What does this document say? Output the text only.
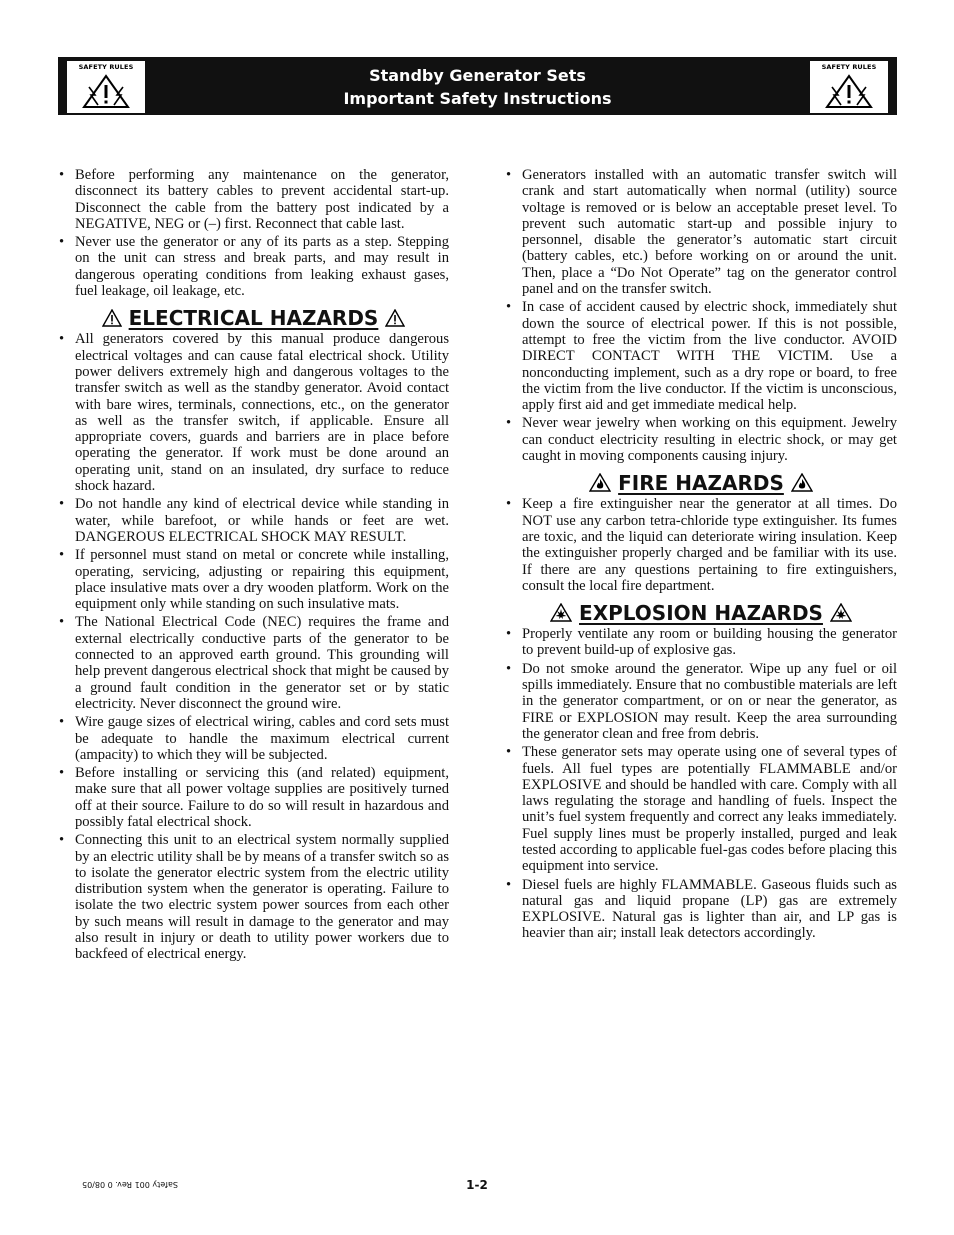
SAFETY RULES	Standby Generator Sets
Important Safety Instructions
SAFETY RULES
• Before performing any maintenance on the generator, disconnect its battery cables to prevent accidental start-up. Disconnect the cable from the battery post indicated by a NEGATIVE, NEG or (–) first. Reconnect that cable last.
• Never use the generator or any of its parts as a step. Stepping on the unit can stress and break parts, and may result in dangerous operating conditions from leaking exhaust gases, fuel leakage, oil leakage, etc.
ELECTRICAL HAZARDS
• All generators covered by this manual produce dangerous electrical voltages and can cause fatal electrical shock. Utility power delivers extremely high and dangerous voltages to the transfer switch as well as the standby generator. Avoid contact with bare wires, terminals, connections, etc., on the generator as well as the transfer switch, if applicable. Ensure all appropriate covers, guards and barriers are in place before operating the generator. If work must be done around an operating unit, stand on an insulated, dry surface to reduce shock hazard.
• Do not handle any kind of electrical device while standing in water, while barefoot, or while hands or feet are wet. DANGEROUS ELECTRICAL SHOCK MAY RESULT.
• If personnel must stand on metal or concrete while installing, operating, servicing, adjusting or repairing this equipment, place insulative mats over a dry wooden platform. Work on the equipment only while standing on such insulative mats.
• The National Electrical Code (NEC) requires the frame and external electrically conductive parts of the generator to be connected to an approved earth ground. This grounding will help prevent dangerous electrical shock that might be caused by a ground fault condition in the generator set or by static electricity. Never disconnect the ground wire.
• Wire gauge sizes of electrical wiring, cables and cord sets must be adequate to handle the maximum electrical current (ampacity) to which they will be subjected.
• Before installing or servicing this (and related) equipment, make sure that all power voltage supplies are positively turned off at their source. Failure to do so will result in hazardous and possibly fatal electrical shock.
• Connecting this unit to an electrical system normally supplied by an electric utility shall be by means of a transfer switch so as to isolate the generator electric system from the electric utility distribution system when the generator is operating. Failure to isolate the two electric system power sources from each other by such means will result in damage to the generator and may also result in injury or death to utility power workers due to backfeed of electrical energy.
• Generators installed with an automatic transfer switch will crank and start automatically when normal (utility) source voltage is removed or is below an acceptable preset level. To prevent such automatic start-up and possible injury to personnel, disable the generator’s automatic start circuit (battery cables, etc.) before working on or around the unit. Then, place a “Do Not Operate” tag on the generator control panel and on the transfer switch.
• In case of accident caused by electric shock, immediately shut down the source of electrical power. If this is not possible, attempt to free the victim from the live conductor. AVOID DIRECT CONTACT WITH THE VICTIM. Use a nonconducting implement, such as a dry rope or board, to free the victim from the live conductor. If the victim is unconscious, apply first aid and get immediate medical help.
• Never wear jewelry when working on this equipment. Jewelry can conduct electricity resulting in electric shock, or may get caught in moving components causing injury.
FIRE HAZARDS
• Keep a fire extinguisher near the generator at all times. Do NOT use any carbon tetra-chloride type extinguisher. Its fumes are toxic, and the liquid can deteriorate wiring insulation. Keep the extinguisher properly charged and be familiar with its use. If there are any questions pertaining to fire extinguishers, consult the local fire department.
EXPLOSION HAZARDS
• Properly ventilate any room or building housing the generator to prevent build-up of explosive gas.
• Do not smoke around the generator. Wipe up any fuel or oil spills immediately. Ensure that no combustible materials are left in the generator compartment, or on or near the generator, as FIRE or EXPLOSION may result. Keep the area surrounding the generator clean and free from debris.
• These generator sets may operate using one of several types of fuels. All fuel types are potentially FLAMMABLE and/or EXPLOSIVE and should be handled with care. Comply with all laws regulating the storage and handling of fuels. Inspect the unit’s fuel system frequently and correct any leaks immediately. Fuel supply lines must be properly installed, purged and leak tested according to applicable fuel-gas codes before placing this equipment into service.
• Diesel fuels are highly FLAMMABLE. Gaseous fluids such as natural gas and liquid propane (LP) gas are extremely EXPLOSIVE. Natural gas is lighter than air, and LP gas is heavier than air; install leak detectors accordingly.
Safety 001 Rev. 0 08/05	1-2
